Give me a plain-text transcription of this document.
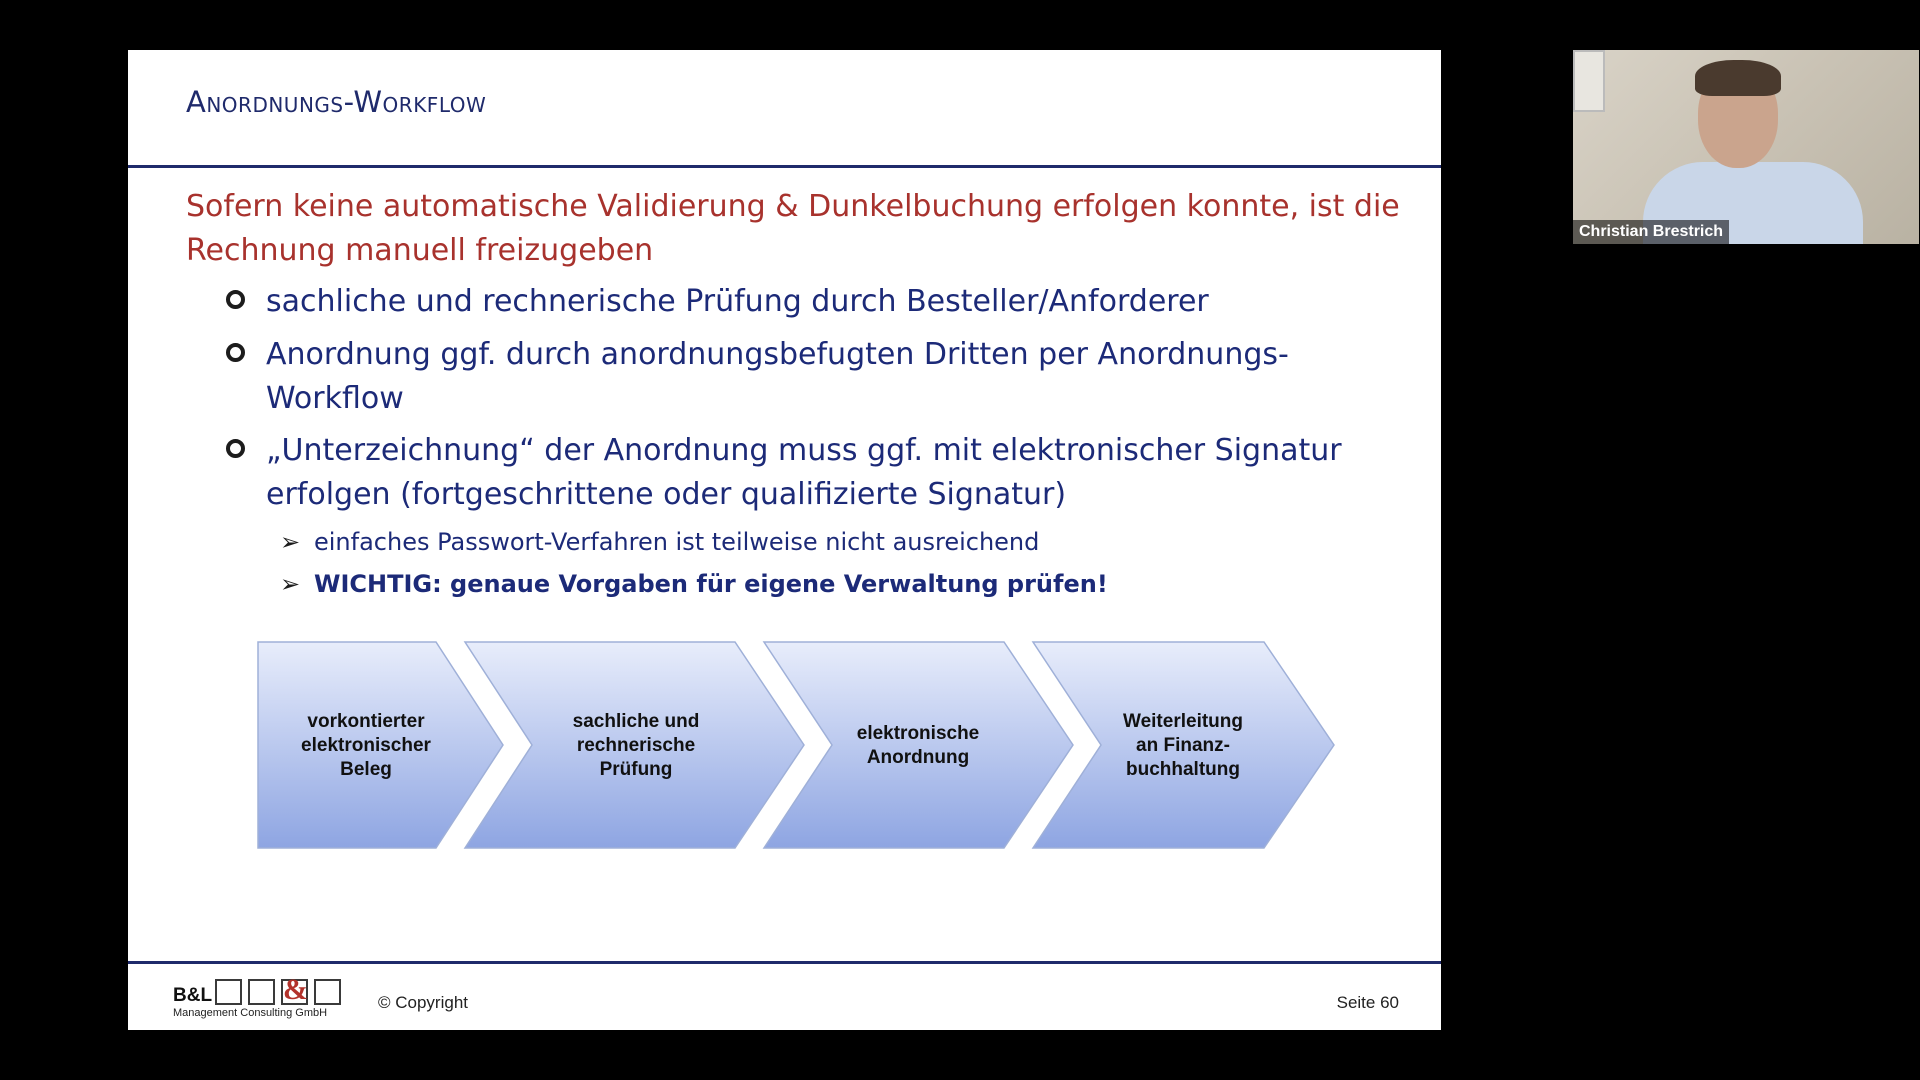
Anordnungs-Workflow
Sofern keine automatische Validierung & Dunkelbuchung erfolgen konnte, ist die Rechnung manuell freizugeben
sachliche und rechnerische Prüfung durch Besteller/Anforderer
Anordnung ggf. durch anordnungsbefugten Dritten per Anordnungs-Workflow
„Unterzeichnung“ der Anordnung muss ggf. mit elektronischer Signatur erfolgen (fortgeschrittene oder qualifizierte Signatur)
➢ einfaches Passwort-Verfahren ist teilweise nicht ausreichend
➢ WICHTIG: genaue Vorgaben für eigene Verwaltung prüfen!
vorkontierter
elektronischer
Beleg
sachliche und
rechnerische
Prüfung
elektronische
Anordnung
Weiterleitung
an Finanz-
buchhaltung
B&L &
Management Consulting GmbH
© Copyright	Seite 60
Christian Brestrich
